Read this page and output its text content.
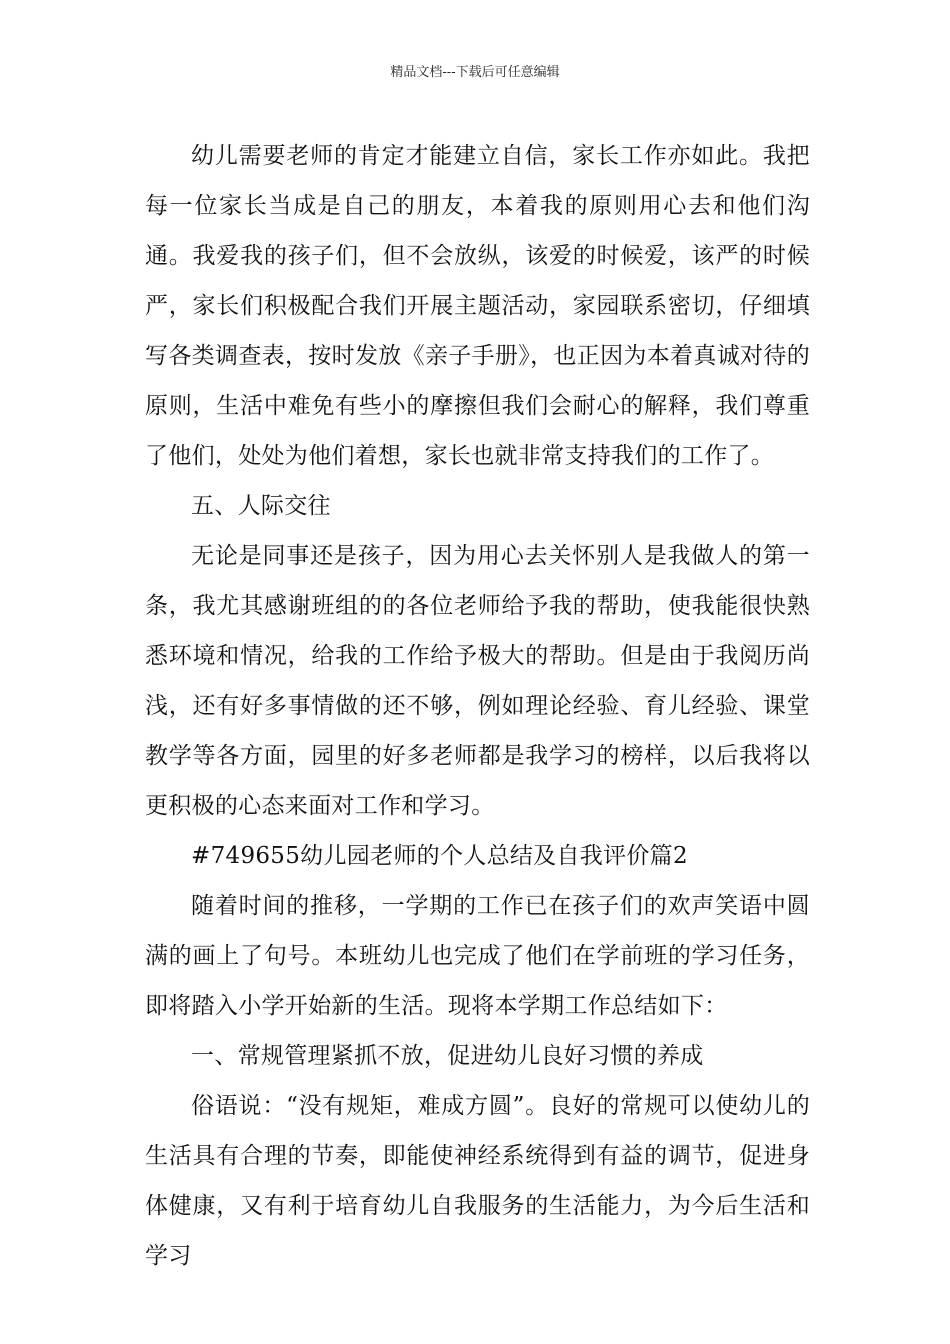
精品文档---下载后可任意编辑

幼儿需要老师的肯定才能建立自信，家长工作亦如此。我把每一位家长当成是自己的朋友，本着我的原则用心去和他们沟通。我爱我的孩子们，但不会放纵，该爱的时候爱，该严的时候严，家长们积极配合我们开展主题活动，家园联系密切，仔细填写各类调查表，按时发放《亲子手册》，也正因为本着真诚对待的原则，生活中难免有些小的摩擦但我们会耐心的解释，我们尊重了他们，处处为他们着想，家长也就非常支持我们的工作了。

五、人际交往

无论是同事还是孩子，因为用心去关怀别人是我做人的第一条，我尤其感谢班组的的各位老师给予我的帮助，使我能很快熟悉环境和情况，给我的工作给予极大的帮助。但是由于我阅历尚浅，还有好多事情做的还不够，例如理论经验、育儿经验、课堂教学等各方面，园里的好多老师都是我学习的榜样，以后我将以更积极的心态来面对工作和学习。

#749655幼儿园老师的个人总结及自我评价篇2

随着时间的推移，一学期的工作已在孩子们的欢声笑语中圆满的画上了句号。本班幼儿也完成了他们在学前班的学习任务，即将踏入小学开始新的生活。现将本学期工作总结如下：

一、常规管理紧抓不放，促进幼儿良好习惯的养成

俗语说：“没有规矩，难成方圆”。良好的常规可以使幼儿的生活具有合理的节奏，即能使神经系统得到有益的调节，促进身体健康，又有利于培育幼儿自我服务的生活能力，为今后生活和学习
